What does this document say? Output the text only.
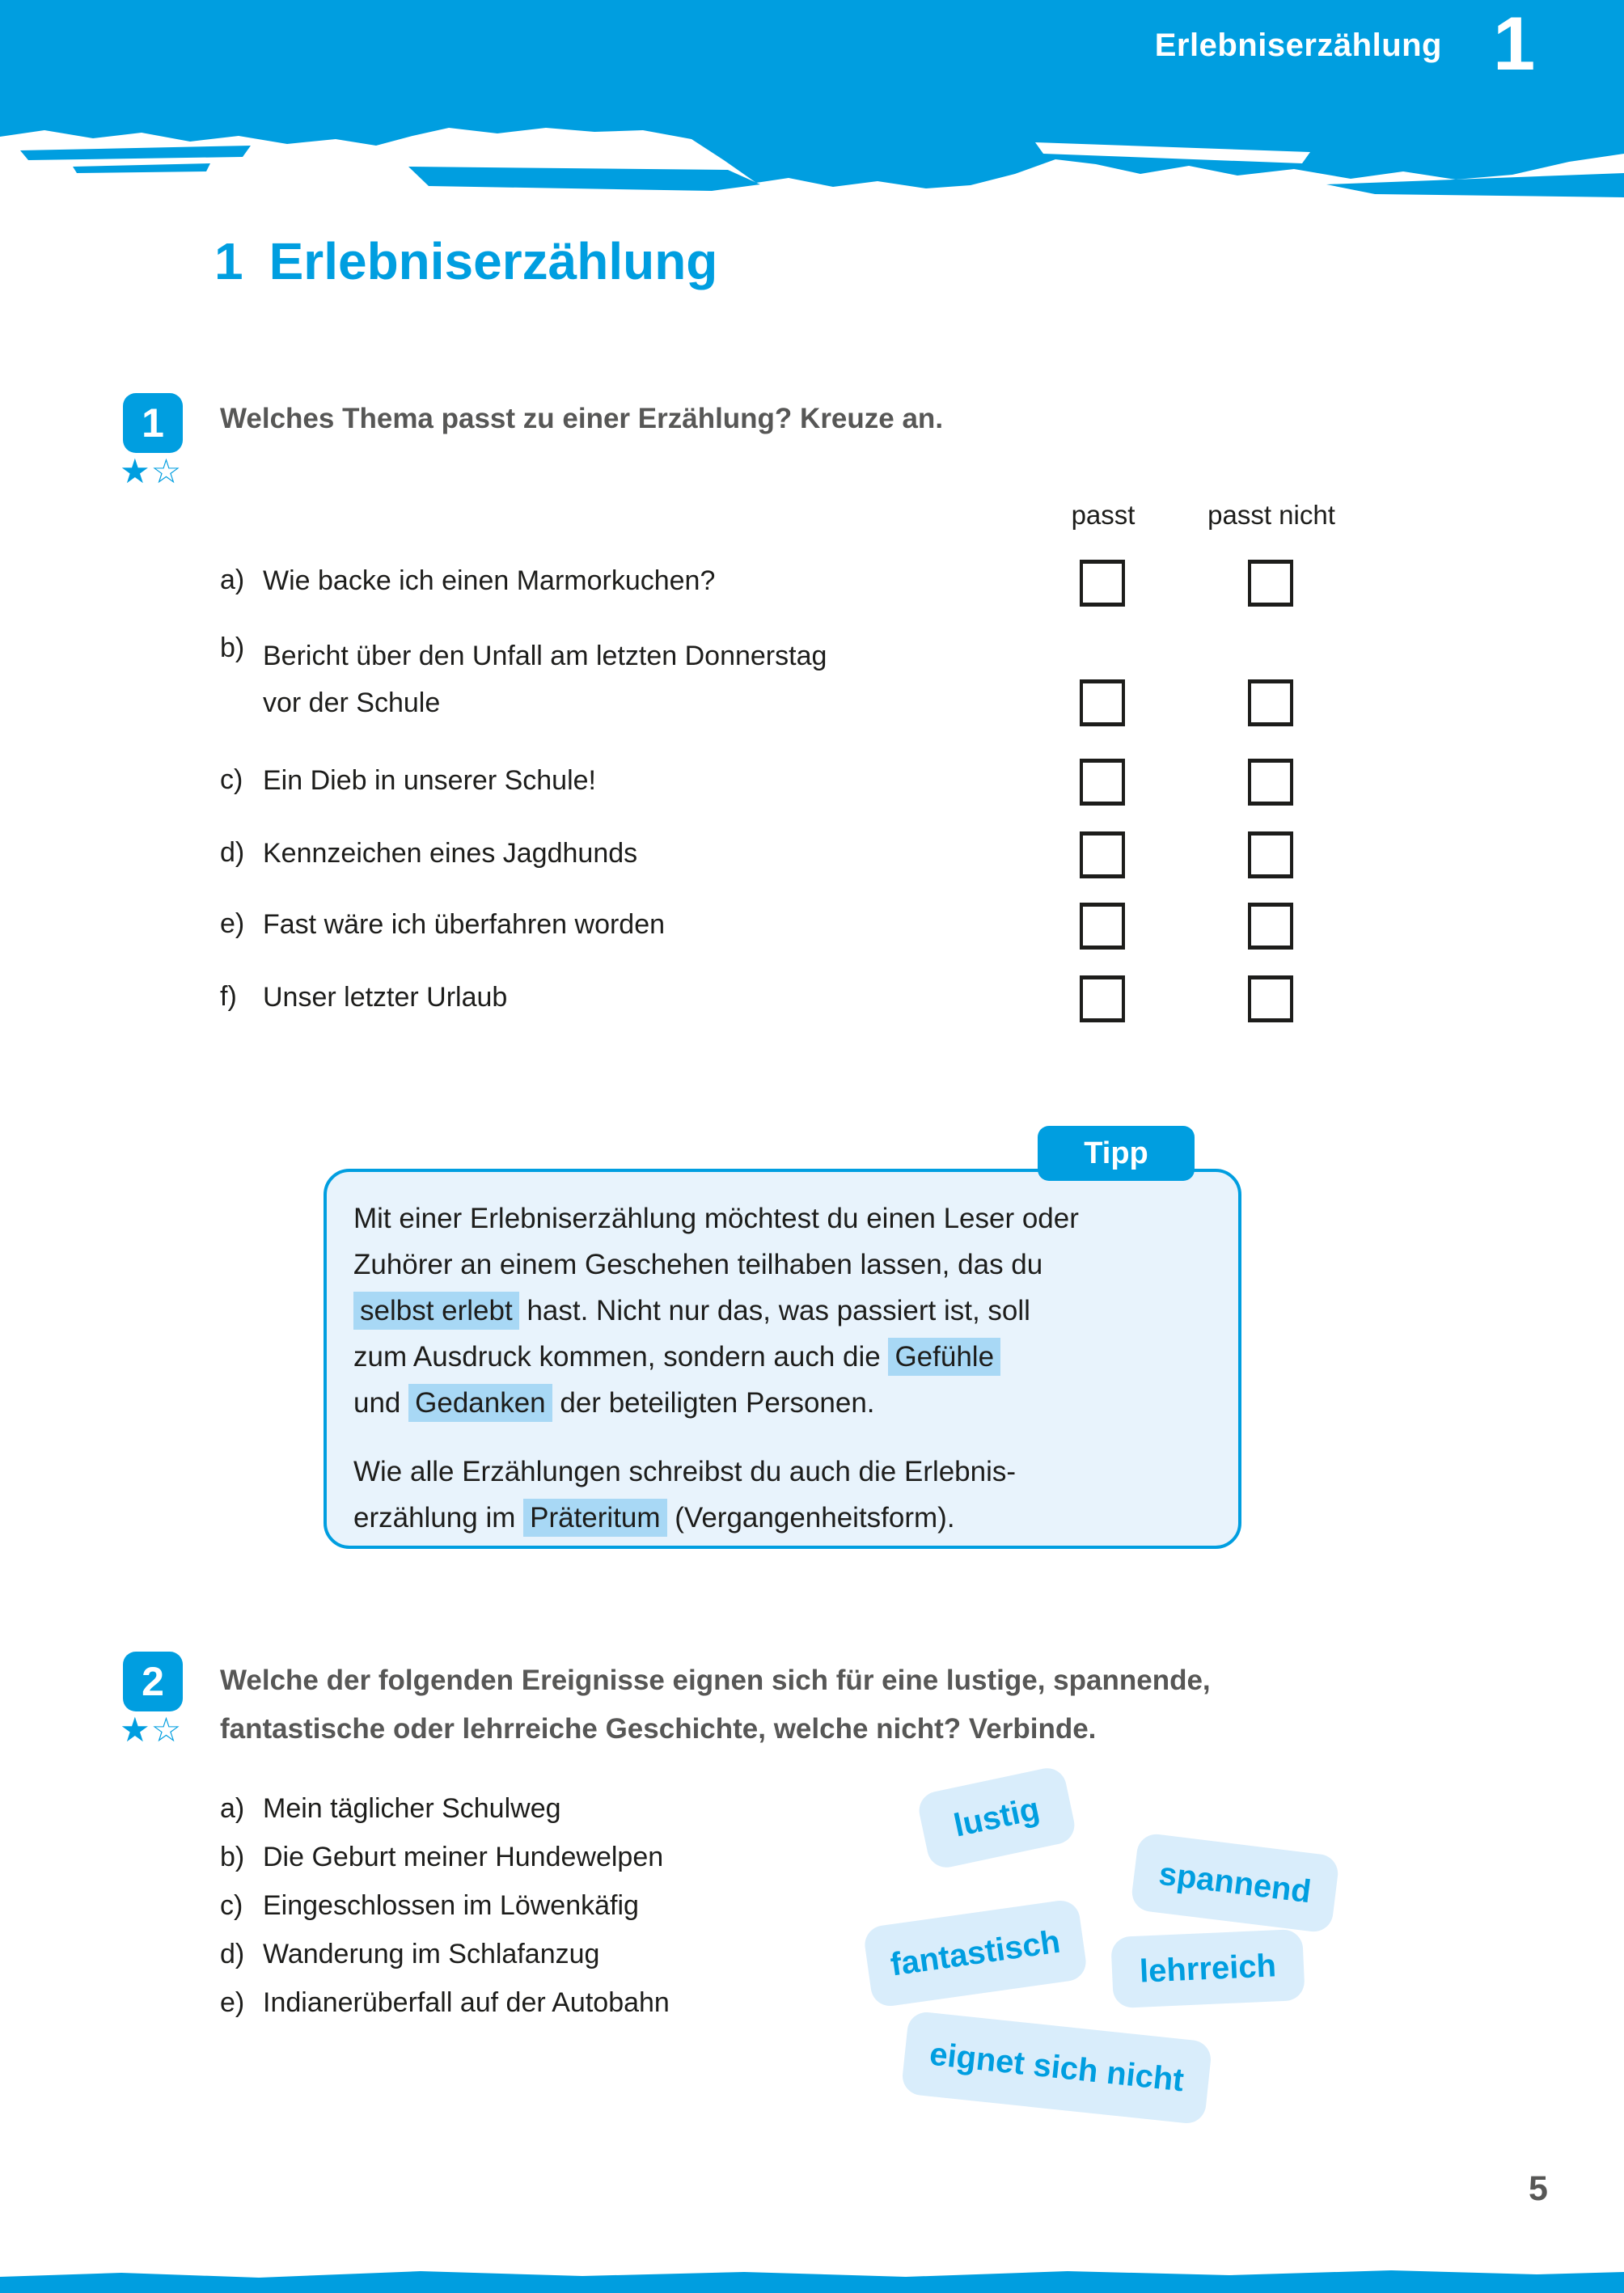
Erlebniserzählung 1
1 Erlebniserzählung
1
★☆
Welches Thema passt zu einer Erzählung? Kreuze an.
passt	passt nicht
a) Wie backe ich einen Marmorkuchen?
b) Bericht über den Unfall am letzten Donnerstag
vor der Schule
c) Ein Dieb in unserer Schule!
d) Kennzeichen eines Jagdhunds
e) Fast wäre ich überfahren worden
f) Unser letzter Urlaub
Tipp
Mit einer Erlebniserzählung möchtest du einen Leser oder
Zuhörer an einem Geschehen teilhaben lassen, das du
selbst erlebt hast. Nicht nur das, was passiert ist, soll
zum Ausdruck kommen, sondern auch die Gefühle
und Gedanken der beteiligten Personen.
Wie alle Erzählungen schreibst du auch die Erlebnis-
erzählung im Präteritum (Vergangenheitsform).
2
★☆
Welche der folgenden Ereignisse eignen sich für eine lustige, spannende,
fantastische oder lehrreiche Geschichte, welche nicht? Verbinde.
a) Mein täglicher Schulweg
b) Die Geburt meiner Hundewelpen
c) Eingeschlossen im Löwenkäfig
d) Wanderung im Schlafanzug
e) Indianerüberfall auf der Autobahn
lustig
spannend
fantastisch	lehrreich
eignet sich nicht
5
